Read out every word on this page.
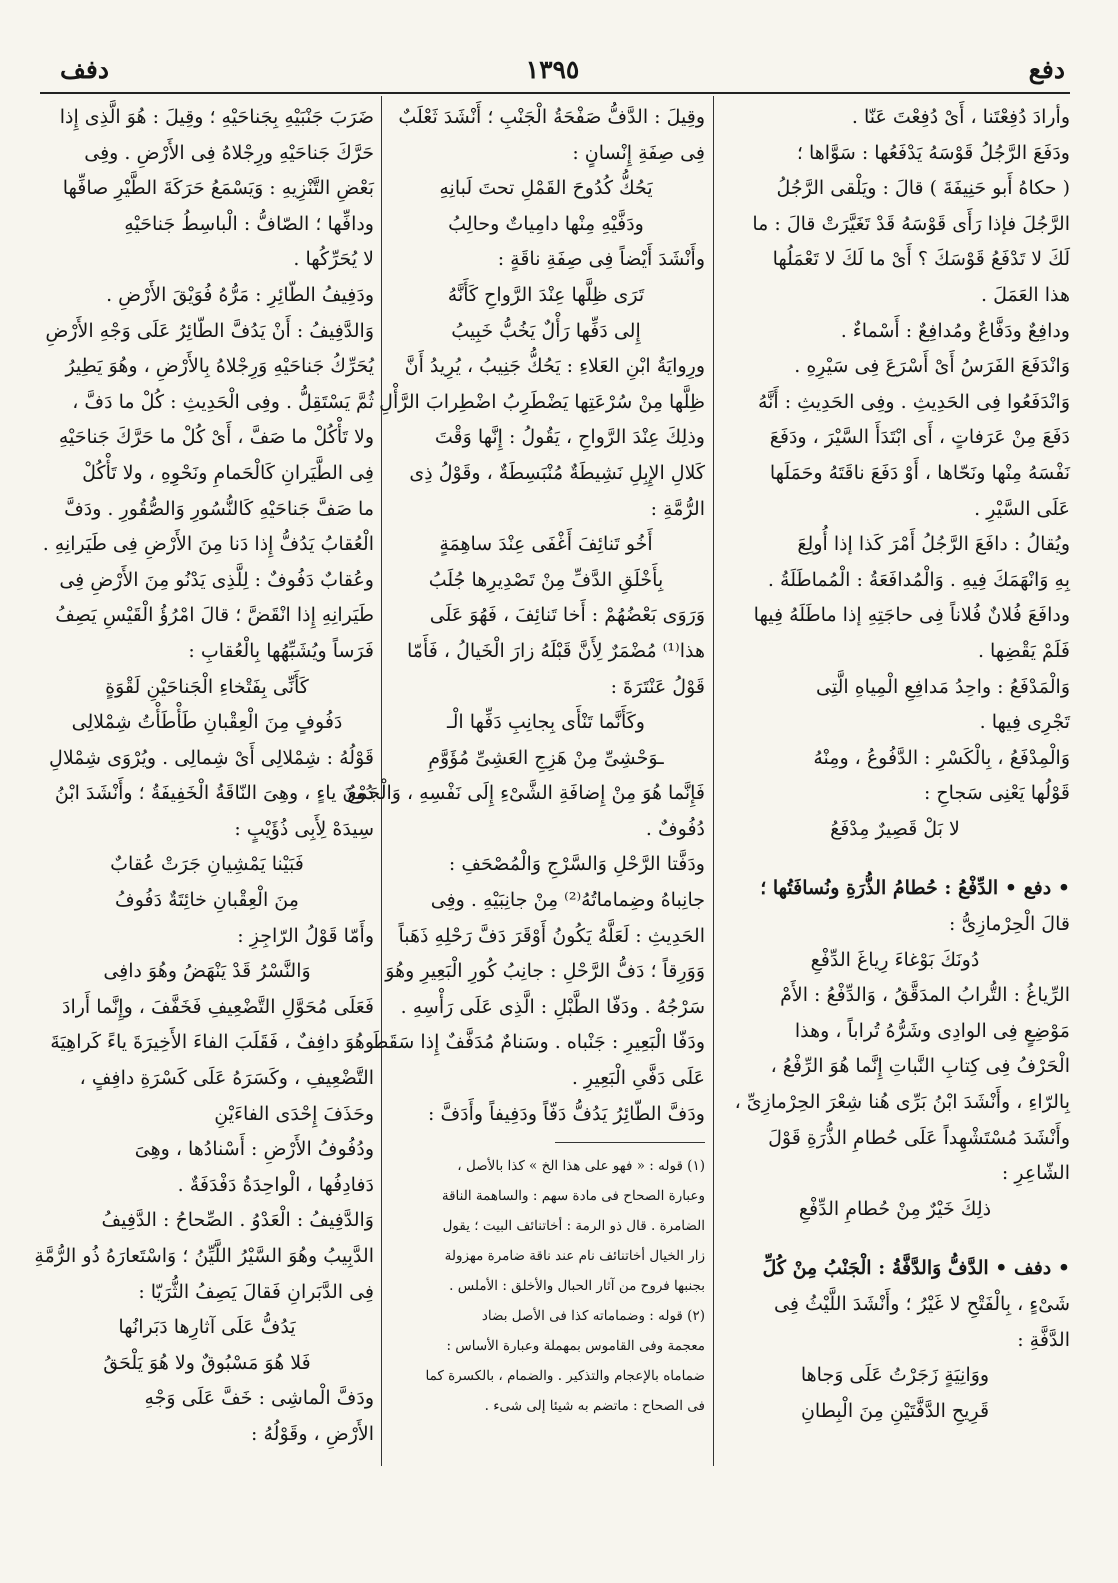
دفع
١٣٩٥
دفف
وأرادَ دُفِعْتَنا ، أَىْ دُفِعْتَ عَنّا .
ودَفَعَ الرَّجُلُ قَوْسَهُ يَدْفَعُها : سَوَّاها ؛
( حكاهُ أَبو حَنِيفَةَ ) قالَ : ويَلْقى الرَّجُلُ
الرَّجُلَ فإذا رَأَى قَوْسَهُ قَدْ تَغَيَّرَتْ قالَ : ما
لَكَ لا تَدْفَعُ قَوْسَكَ ؟ أَىْ ما لَكَ لا تَعْمَلُها
هذا العَمَلَ .
ودافِعٌ ودَفَّاعٌ ومُدافِعٌ : أَسْماءٌ .
وَانْدَفَعَ الفَرَسُ أَىْ أَسْرَعَ فِى سَيْرِهِ .
وَانْدَفَعُوا فِى الحَدِيثِ . وفِى الحَدِيثِ : أَنَّهُ
دَفَعَ مِنْ عَرَفاتٍ ، أَى ابْتَدَأَ السَّيْرَ ، ودَفَعَ
نَفْسَهُ مِنْها ونَحّاها ، أَوْ دَفَعَ ناقَتَهُ وحَمَلَها
عَلَى السَّيْرِ .
ويُقالُ : دافَعَ الرَّجُلُ أَمْرَ كَذا إذا أُولِعَ
بِهِ وَانْهَمَكَ فِيهِ . وَالْمُدافَعَةُ : الْمُماطَلَةُ .
ودافَعَ فُلانٌ فُلاناً فِى حاجَتِهِ إذا ماطَلَهُ فِيها
فَلَمْ يَقْضِها .
وَالْمَدْفَعُ : واحِدُ مَدافِعِ الْمِياهِ الَّتِى
تَجْرِى فِيها .
وَالْمِدْفَعُ ، بِالْكَسْرِ : الدَّفُوعُ ، ومِنْهُ
قَوْلُها يَعْنِى سَجاحِ :
لا بَلْ قَصِيرٌ مِدْفَعُ
• دفع • الدِّفْعُ : حُطامُ الذُّرَةِ ونُسافَتُها ؛
قالَ الْحِرْمازِىُّ :
دُونَكَ بَوْغاءَ رِياغَ الدِّفْعِ
الرِّياغُ : التُّرابُ المدَقَّقُ ، وَالدِّفْعُ : الأَمْ
مَوْضِعٍ فِى الوادِى وشَرُّهُ تُراباً ، وهذا
الْحَرْفُ فِى كِتابِ النَّباتِ إِنَّما هُوَ الرِّفْعُ ،
بِالرّاءِ ، وأَنْشَدَ ابْنُ بَرِّى هُنا شِعْرَ الحِرْمازِىِّ ،
وأَنْشَدَ مُسْتَشْهِداً عَلَى حُطامِ الذُّرَةِ قَوْلَ
الشّاعِرِ :
ذلِكَ خَيْرٌ مِنْ حُطامِ الدِّفْعِ
• دفف • الدَّفُّ وَالدَّفَّةُ : الْجَنْبُ مِنْ كُلِّ
شَىْءٍ ، بِالْفَتْحِ لا غَيْرُ ؛ وأَنْشَدَ اللَّيْثُ فِى
الدَّفَّةِ :
ووَانِيَةٍ زَجَرْتُ عَلَى وَجاها
قَرِيحِ الدَّفَّتَيْنِ مِنَ الْبِطانِ
وقِيلَ : الدَّفُّ صَفْحَةُ الْجَنْبِ ؛ أَنْشَدَ ثَعْلَبٌ
فِى صِفَةِ إِنْسانٍ :
يَحُكُّ كُدُوحَ القَمْلِ تحتَ لَبانِهِ
ودَفَّيْهِ مِنْها دامِياتٌ وحالِبُ
وأَنْشَدَ أَيْضاً فِى صِفَةِ ناقَةٍ :
تَرَى ظِلَّها عِنْدَ الرَّواحِ كَأَنَّهُ
إِلى دَفِّها رَأْلٌ يَخُبُّ خَبِيبُ
ورِوايَةُ ابْنِ العَلاءِ : يَحُكُّ جَنِيبُ ، يُرِيدُ أَنَّ
ظِلَّها مِنْ سُرْعَتِها يَضْطَرِبُ اضْطِرابَ الرَّأْلِ
وذلِكَ عِنْدَ الرَّواحِ ، يَقُولُ : إِنَّها وَقْتَ
كَلالِ الإِبِلِ نَشِيطَةٌ مُنْبَسِطَةٌ ، وقَوْلُ ذِى
الرُّمَّةِ :
أَخُو تَنائِفَ أَغْفَى عِنْدَ ساهِمَةٍ
بِأَخْلَقِ الدَّفِّ مِنْ تَصْدِيرِها جُلَبُ
وَرَوَى بَعْضُهُمْ : أَخا تَنائِفَ ، فَهُوَ عَلَى
هذا⁽¹⁾ مُضْمَرٌ لِأَنَّ قَبْلَهُ زارَ الْخَيالُ ، فَأَمّا
قَوْلُ عَنْتَرَةَ :
وكَأَنَّما تَنْأَى بِجانِبِ دَفِّها الْـ
ـوَحْشِىِّ مِنْ هَزِجِ العَشِىِّ مُؤَوَّمِ
فَإِنَّما هُوَ مِنْ إِضافَةِ الشَّىْءِ إِلَى نَفْسِهِ ، وَالْجَمْعُ
دُفُوفٌ .
ودَفَّتا الرَّحْلِ وَالسَّرْجِ وَالْمُصْحَفِ :
جانِباهُ وضِماماتُهُ⁽²⁾ مِنْ جانِبَيْهِ . وفِى
الحَدِيثِ : لَعَلَّهُ يَكُونُ أَوْقَرَ دَفَّ رَحْلِهِ ذَهَباً
وَوَرِقاً ؛ دَفُّ الرَّحْلِ : جانِبُ كُورِ الْبَعِيرِ وهُوَ
سَرْجُهُ . ودَفّا الطَّبْلِ : الَّذِى عَلَى رَأْسِهِ .
ودَفّا الْبَعِيرِ : جَنْباه . وسَنامٌ مُدَفَّفٌ إِذا سَقَطَ
عَلَى دَفَّىِ الْبَعِيرِ .
ودَفَّ الطّائِرُ يَدُفُّ دَفّاً ودَفِيفاً وأَدَفَّ :
(١) قوله : « فهو على هذا الخ » كذا بالأصل ،
وعبارة الصحاح فى مادة سهم : والساهمة الناقة
الضامرة . قال ذو الرمة : أخاتنائف البيت ؛ يقول
زار الخيال أخاتنائف نام عند ناقة ضامرة مهزولة
بجنبها فروح من آثار الحبال والأخلق : الأملس .
(٢) قوله : وضماماته كذا فى الأصل بضاد
معجمة وفى القاموس بمهملة وعبارة الأساس :
ضماماه بالإعجام والتذكير . والضمام ، بالكسرة كما
فى الصحاح : ماتضم به شيئا إلى شىء .
ضَرَبَ جَنْبَيْهِ بِجَناحَيْهِ ؛ وقِيلَ : هُوَ الَّذِى إِذا
حَرَّكَ جَناحَيْهِ ورِجْلاهُ فِى الأَرْضِ . وفِى
بَعْضِ التَّنْزِيهِ : وَيَسْمَعُ حَرَكَةَ الطَّيْرِ صافِّها
ودافِّها ؛ الصّافُّ : الْباسِطُ جَناحَيْهِ
لا يُحَرِّكُها .
ودَفِيفُ الطّائِرِ : مَرُّهُ فُوَيْقَ الأَرْضِ .
وَالدَّفِيفُ : أَنْ يَدُفَّ الطّائِرُ عَلَى وَجْهِ الأَرْضِ
يُحَرِّكُ جَناحَيْهِ وَرِجْلاهُ بِالأَرْضِ ، وهُوَ يَطِيرُ
ثُمَّ يَسْتَقِلُّ . وفِى الْحَدِيثِ : كُلْ ما دَفَّ ،
ولا تَأْكُلْ ما صَفَّ ، أَىْ كُلْ ما حَرَّكَ جَناحَيْهِ
فِى الطَّيَرانِ كَالْحَمامِ ونَحْوِهِ ، ولا تَأْكُلْ
ما صَفَّ جَناحَيْهِ كَالنُّسُورِ وَالصُّقُورِ . ودَفَّ
الْعُقابُ يَدُفُّ إِذا دَنا مِنَ الأَرْضِ فِى طَيَرانِهِ .
وعُقابٌ دَفُوفٌ : لِلَّذِى يَدْنُو مِنَ الأَرْضِ فِى
طَيَرانِهِ إِذا انْقَضَّ ؛ قالَ امْرُؤُ الْقَيْسِ يَصِفُ
فَرَساً ويُشَبِّهُها بِالْعُقابِ :
كَأَنِّى بِفَتْخاءِ الْجَناحَيْنِ لَقْوَةٍ
دَفُوفٍ مِنَ الْعِقْبانِ طَأْطَأْتُ شِمْلالِى
قَوْلُهُ : شِمْلالِى أَىْ شِمالِى . ويُرْوَى شِمْلالِ
دُونَ ياءٍ ، وهِىَ النّاقَةُ الْخَفِيفَةُ ؛ وأَنْشَدَ ابْنُ
سِيدَهْ لِأَبِى ذُؤَيْبٍ :
فَبَيْنا يَمْشِيانِ جَرَتْ عُقابٌ
مِنَ الْعِقْبانِ خائِتَةٌ دَفُوفُ
وأَمّا قَوْلُ الرّاجِزِ :
وَالنَّسْرُ قَدْ يَنْهَضُ وهُوَ دافِى
فَعَلَى مُحَوَّلِ التَّضْعِيفِ فَخَفَّفَ ، وإِنَّما أَرادَ
وهُوَ دافِفٌ ، فَقَلَبَ الفاءَ الأَخِيرَةَ ياءً كَراهِيَةَ
التَّضْعِيفِ ، وكَسَرَهُ عَلَى كَسْرَةِ دافِفٍ ،
وحَذَفَ إِحْدَى الفاءَيْنِ
ودُفُوفُ الأَرْضِ : أَسْنادُها ، وهِىَ
دَفادِفُها ، الْواحِدَةُ دَفْدَفَةٌ .
وَالدَّفِيفُ : الْعَدْوُ . الصِّحاحُ : الدَّفِيفُ
الدَّبِيبُ وهُوَ السَّيْرُ اللَّيِّنُ ؛ وَاسْتَعارَهُ ذُو الرُّمَّةِ
فِى الدَّبَرانِ فَقالَ يَصِفُ الثُّرَيّا :
يَدُفُّ عَلَى آثارِها دَبَرانُها
فَلا هُوَ مَسْبُوقٌ ولا هُوَ يَلْحَقُ
ودَفَّ الْماشِى : خَفَّ عَلَى وَجْهِ
الأَرْضِ ، وقَوْلُهُ :
